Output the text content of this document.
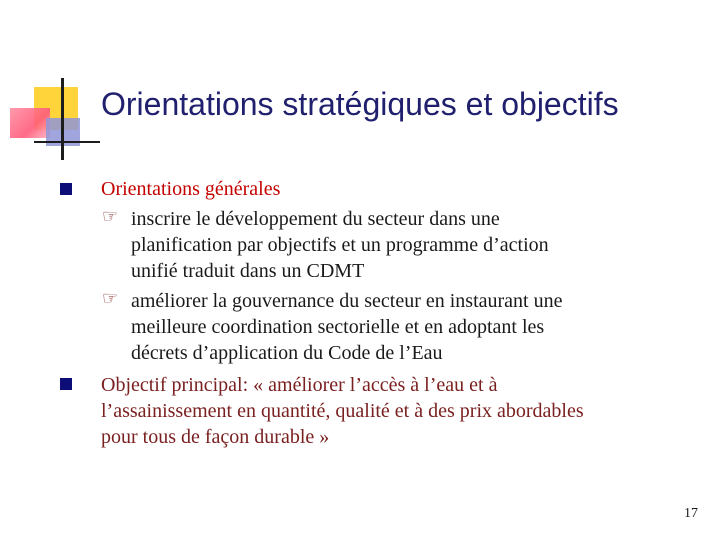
Orientations stratégiques et objectifs
Orientations générales
☞ inscrire le développement du secteur dans une
planification par objectifs et un programme d’action
unifié traduit dans un CDMT
☞ améliorer la gouvernance du secteur en instaurant une
meilleure coordination sectorielle et en adoptant les
décrets d’application du Code de l’Eau
Objectif principal: « améliorer l’accès à l’eau et à
l’assainissement en quantité, qualité et à des prix abordables
pour tous de façon durable »
17
